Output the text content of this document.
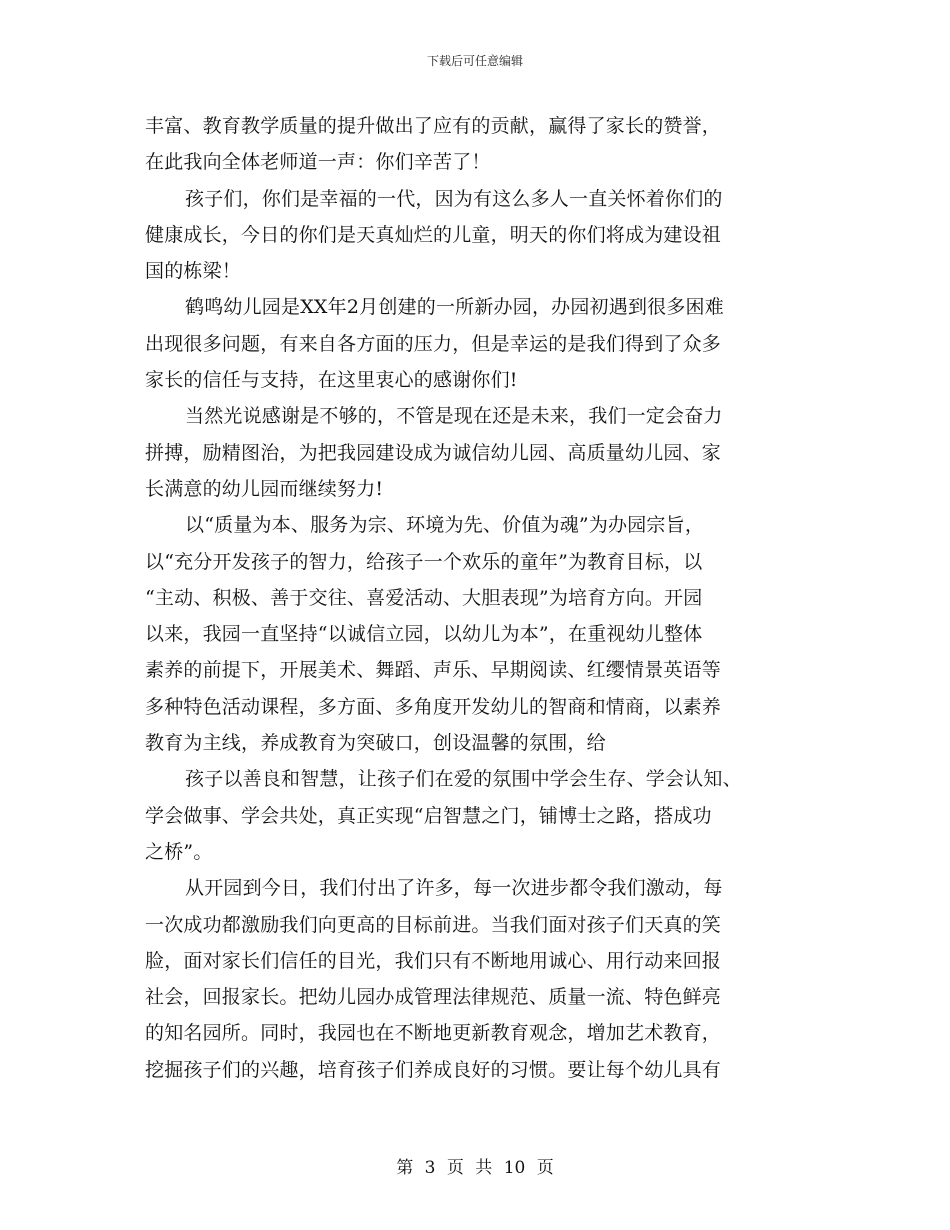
下载后可任意编辑
丰富、教育教学质量的提升做出了应有的贡献，赢得了家长的赞誉，
在此我向全体老师道一声：你们辛苦了！
孩子们，你们是幸福的一代，因为有这么多人一直关怀着你们的
健康成长，今日的你们是天真灿烂的儿童，明天的你们将成为建设祖
国的栋梁！
鹤鸣幼儿园是XX年2月创建的一所新办园，办园初遇到很多困难
出现很多问题，有来自各方面的压力，但是幸运的是我们得到了众多
家长的信任与支持，在这里衷心的感谢你们!
当然光说感谢是不够的，不管是现在还是未来，我们一定会奋力
拼搏，励精图治，为把我园建设成为诚信幼儿园、高质量幼儿园、家
长满意的幼儿园而继续努力!
以“质量为本、服务为宗、环境为先、价值为魂”为办园宗旨，
以“充分开发孩子的智力，给孩子一个欢乐的童年”为教育目标，以
“主动、积极、善于交往、喜爱活动、大胆表现”为培育方向。开园
以来，我园一直坚持“以诚信立园，以幼儿为本”，在重视幼儿整体
素养的前提下，开展美术、舞蹈、声乐、早期阅读、红缨情景英语等
多种特色活动课程，多方面、多角度开发幼儿的智商和情商，以素养
教育为主线，养成教育为突破口，创设温馨的氛围，给
孩子以善良和智慧，让孩子们在爱的氛围中学会生存、学会认知、
学会做事、学会共处，真正实现“启智慧之门，铺博士之路，搭成功
之桥”。
从开园到今日，我们付出了许多，每一次进步都令我们激动，每
一次成功都激励我们向更高的目标前进。当我们面对孩子们天真的笑
脸，面对家长们信任的目光，我们只有不断地用诚心、用行动来回报
社会，回报家长。把幼儿园办成管理法律规范、质量一流、特色鲜亮
的知名园所。同时，我园也在不断地更新教育观念，增加艺术教育，
挖掘孩子们的兴趣，培育孩子们养成良好的习惯。要让每个幼儿具有
第 3 页 共 10 页
